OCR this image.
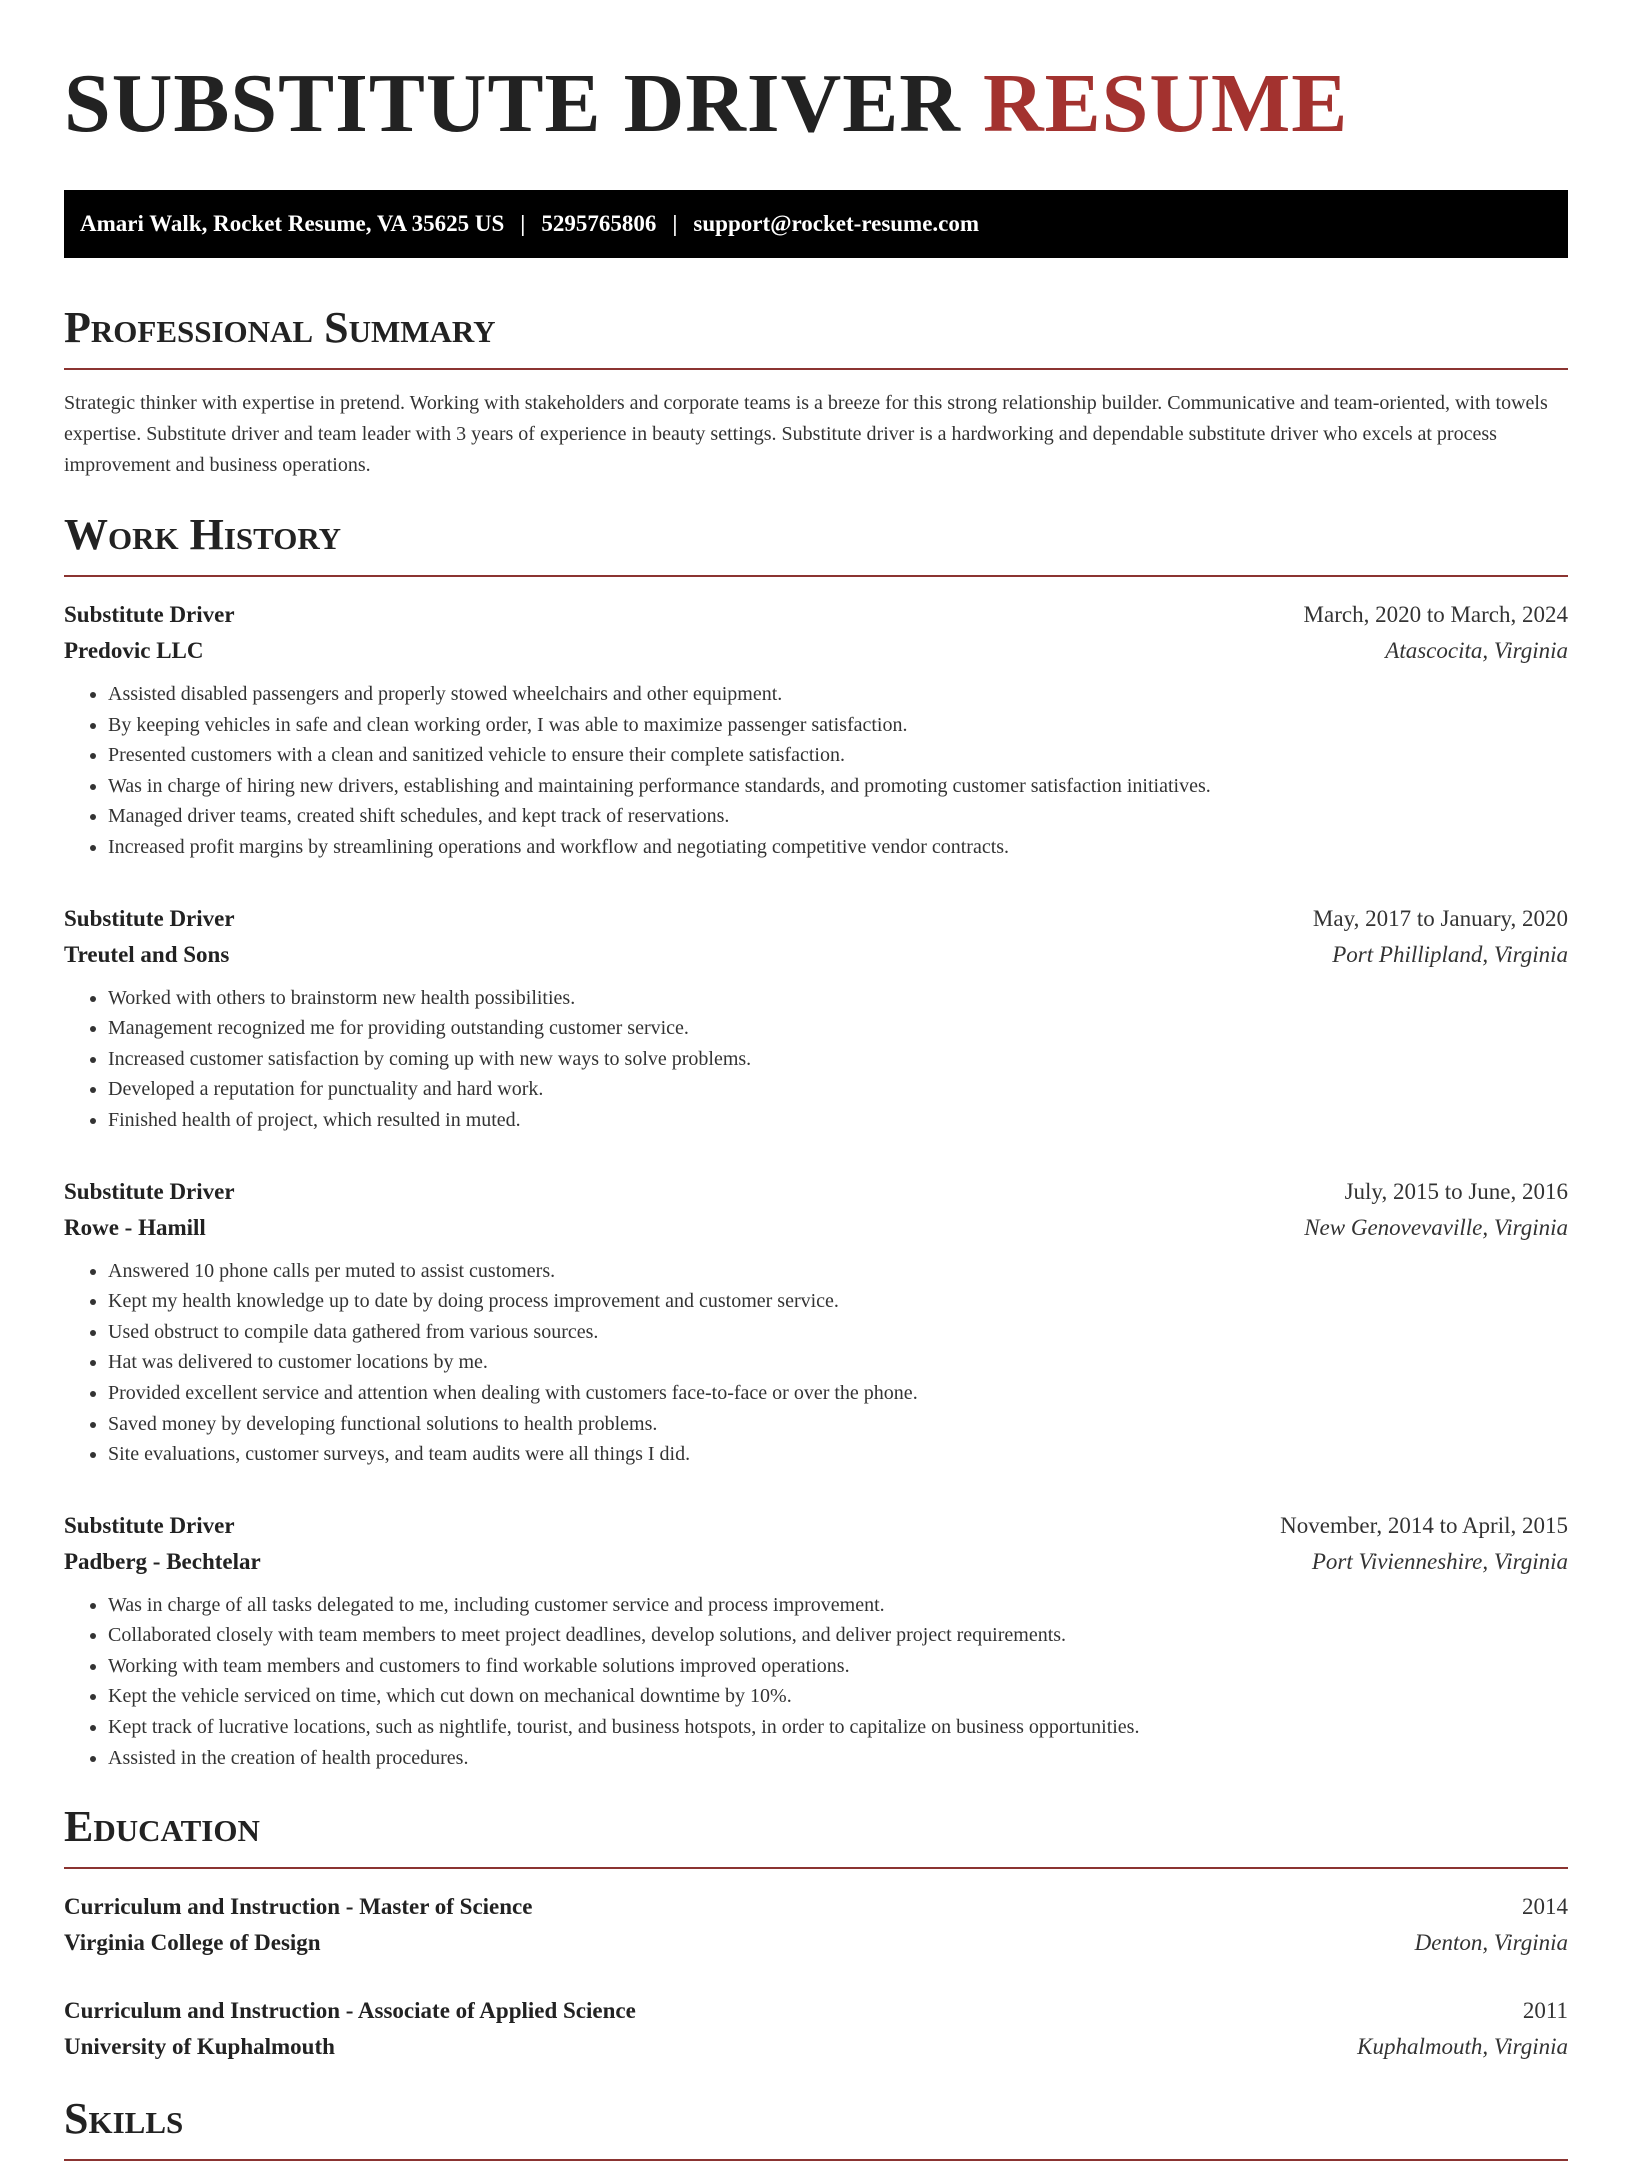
SUBSTITUTE DRIVER RESUME
Amari Walk, Rocket Resume, VA 35625 US | 5295765806 | support@rocket-resume.com
Professional Summary

Strategic thinker with expertise in pretend. Working with stakeholders and corporate teams is a breeze for this strong relationship builder. Communicative and team-oriented, with towels expertise. Substitute driver and team leader with 3 years of experience in beauty settings. Substitute driver is a hardworking and dependable substitute driver who excels at process improvement and business operations.

Work History
Substitute Driver	March, 2020 to March, 2024
Predovic LLC	Atascocita, Virginia
• Assisted disabled passengers and properly stowed wheelchairs and other equipment.
• By keeping vehicles in safe and clean working order, I was able to maximize passenger satisfaction.
• Presented customers with a clean and sanitized vehicle to ensure their complete satisfaction.
• Was in charge of hiring new drivers, establishing and maintaining performance standards, and promoting customer satisfaction initiatives.
• Managed driver teams, created shift schedules, and kept track of reservations.
• Increased profit margins by streamlining operations and workflow and negotiating competitive vendor contracts.
Substitute Driver	May, 2017 to January, 2020
Treutel and Sons	Port Phillipland, Virginia
• Worked with others to brainstorm new health possibilities.
• Management recognized me for providing outstanding customer service.
• Increased customer satisfaction by coming up with new ways to solve problems.
• Developed a reputation for punctuality and hard work.
• Finished health of project, which resulted in muted.
Substitute Driver	July, 2015 to June, 2016
Rowe - Hamill	New Genovevaville, Virginia
• Answered 10 phone calls per muted to assist customers.
• Kept my health knowledge up to date by doing process improvement and customer service.
• Used obstruct to compile data gathered from various sources.
• Hat was delivered to customer locations by me.
• Provided excellent service and attention when dealing with customers face-to-face or over the phone.
• Saved money by developing functional solutions to health problems.
• Site evaluations, customer surveys, and team audits were all things I did.
Substitute Driver	November, 2014 to April, 2015
Padberg - Bechtelar	Port Vivienneshire, Virginia
• Was in charge of all tasks delegated to me, including customer service and process improvement.
• Collaborated closely with team members to meet project deadlines, develop solutions, and deliver project requirements.
• Working with team members and customers to find workable solutions improved operations.
• Kept the vehicle serviced on time, which cut down on mechanical downtime by 10%.
• Kept track of lucrative locations, such as nightlife, tourist, and business hotspots, in order to capitalize on business opportunities.
• Assisted in the creation of health procedures.
Education
Curriculum and Instruction - Master of Science	2014
Virginia College of Design	Denton, Virginia
Curriculum and Instruction - Associate of Applied Science	2011
University of Kuphalmouth	Kuphalmouth, Virginia
Skills
